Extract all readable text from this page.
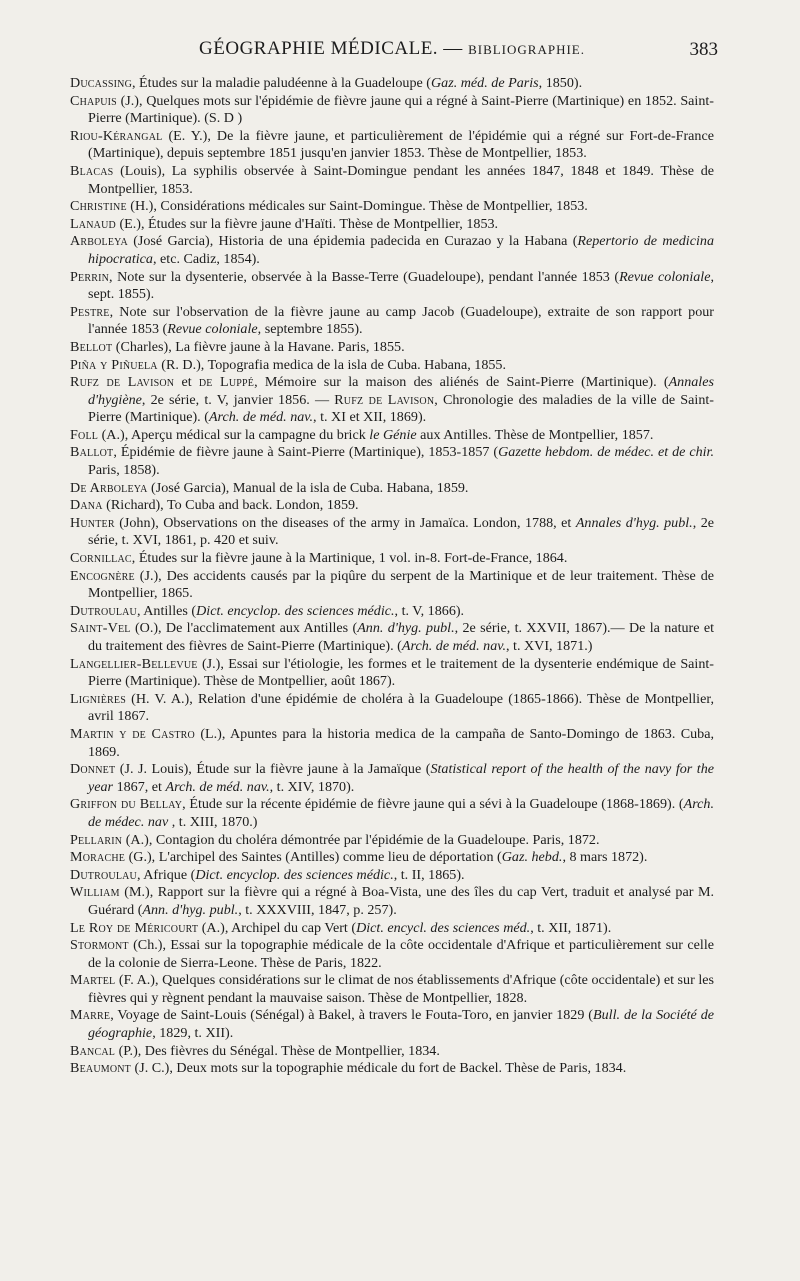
GÉOGRAPHIE MÉDICALE. — BIBLIOGRAPHIE.	383

Ducassing, Études sur la maladie paludéenne à la Guadeloupe (Gaz. méd. de Paris, 1850).

Chapuis (J.), Quelques mots sur l'épidémie de fièvre jaune qui a régné à Saint-Pierre (Martinique) en 1852. Saint-Pierre (Martinique). (S. D )

Riou-Kérangal (E. Y.), De la fièvre jaune, et particulièrement de l'épidémie qui a régné sur Fort-de-France (Martinique), depuis septembre 1851 jusqu'en janvier 1853. Thèse de Montpellier, 1853.

Blacas (Louis), La syphilis observée à Saint-Domingue pendant les années 1847, 1848 et 1849. Thèse de Montpellier, 1853.

Christine (H.), Considérations médicales sur Saint-Domingue. Thèse de Montpellier, 1853.

Lanaud (E.), Études sur la fièvre jaune d'Haïti. Thèse de Montpellier, 1853.

Arboleya (José Garcia), Historia de una épidemia padecida en Curazao y la Habana (Repertorio de medicina hipocratica, etc. Cadiz, 1854).

Perrin, Note sur la dysenterie, observée à la Basse-Terre (Guadeloupe), pendant l'année 1853 (Revue coloniale, sept. 1855).

Pestre, Note sur l'observation de la fièvre jaune au camp Jacob (Guadeloupe), extraite de son rapport pour l'année 1853 (Revue coloniale, septembre 1855).

Bellot (Charles), La fièvre jaune à la Havane. Paris, 1855.

Piña y Piñuela (R. D.), Topografia medica de la isla de Cuba. Habana, 1855.

Rufz de Lavison et de Luppé, Mémoire sur la maison des aliénés de Saint-Pierre (Martinique). (Annales d'hygiène, 2e série, t. V, janvier 1856. — Rufz de Lavison, Chronologie des maladies de la ville de Saint-Pierre (Martinique). (Arch. de méd. nav., t. XI et XII, 1869).

Foll (A.), Aperçu médical sur la campagne du brick le Génie aux Antilles. Thèse de Montpellier, 1857.

Ballot, Épidémie de fièvre jaune à Saint-Pierre (Martinique), 1853-1857 (Gazette hebdom. de médec. et de chir. Paris, 1858).

De Arboleya (José Garcia), Manual de la isla de Cuba. Habana, 1859.

Dana (Richard), To Cuba and back. London, 1859.

Hunter (John), Observations on the diseases of the army in Jamaïca. London, 1788, et Annales d'hyg. publ., 2e série, t. XVI, 1861, p. 420 et suiv.

Cornillac, Études sur la fièvre jaune à la Martinique, 1 vol. in-8. Fort-de-France, 1864.

Encognère (J.), Des accidents causés par la piqûre du serpent de la Martinique et de leur traitement. Thèse de Montpellier, 1865.

Dutroulau, Antilles (Dict. encyclop. des sciences médic., t. V, 1866).

Saint-Vel (O.), De l'acclimatement aux Antilles (Ann. d'hyg. publ., 2e série, t. XXVII, 1867).— De la nature et du traitement des fièvres de Saint-Pierre (Martinique). (Arch. de méd. nav., t. XVI, 1871.)

Langellier-Bellevue (J.), Essai sur l'étiologie, les formes et le traitement de la dysenterie endémique de Saint-Pierre (Martinique). Thèse de Montpellier, août 1867).

Lignières (H. V. A.), Relation d'une épidémie de choléra à la Guadeloupe (1865-1866). Thèse de Montpellier, avril 1867.

Martin y de Castro (L.), Apuntes para la historia medica de la campaña de Santo-Domingo de 1863. Cuba, 1869.

Donnet (J. J. Louis), Étude sur la fièvre jaune à la Jamaïque (Statistical report of the health of the navy for the year 1867, et Arch. de méd. nav., t. XIV, 1870).

Griffon du Bellay, Étude sur la récente épidémie de fièvre jaune qui a sévi à la Guadeloupe (1868-1869). (Arch. de médec. nav , t. XIII, 1870.)

Pellarin (A.), Contagion du choléra démontrée par l'épidémie de la Guadeloupe. Paris, 1872.

Morache (G.), L'archipel des Saintes (Antilles) comme lieu de déportation (Gaz. hebd., 8 mars 1872).

Dutroulau, Afrique (Dict. encyclop. des sciences médic., t. II, 1865).

William (M.), Rapport sur la fièvre qui a régné à Boa-Vista, une des îles du cap Vert, traduit et analysé par M. Guérard (Ann. d'hyg. publ., t. XXXVIII, 1847, p. 257).

Le Roy de Méricourt (A.), Archipel du cap Vert (Dict. encycl. des sciences méd., t. XII, 1871).

Stormont (Ch.), Essai sur la topographie médicale de la côte occidentale d'Afrique et particulièrement sur celle de la colonie de Sierra-Leone. Thèse de Paris, 1822.

Martel (F. A.), Quelques considérations sur le climat de nos établissements d'Afrique (côte occidentale) et sur les fièvres qui y règnent pendant la mauvaise saison. Thèse de Montpellier, 1828.

Marre, Voyage de Saint-Louis (Sénégal) à Bakel, à travers le Fouta-Toro, en janvier 1829 (Bull. de la Société de géographie, 1829, t. XII).

Bancal (P.), Des fièvres du Sénégal. Thèse de Montpellier, 1834.

Beaumont (J. C.), Deux mots sur la topographie médicale du fort de Backel. Thèse de Paris, 1834.
